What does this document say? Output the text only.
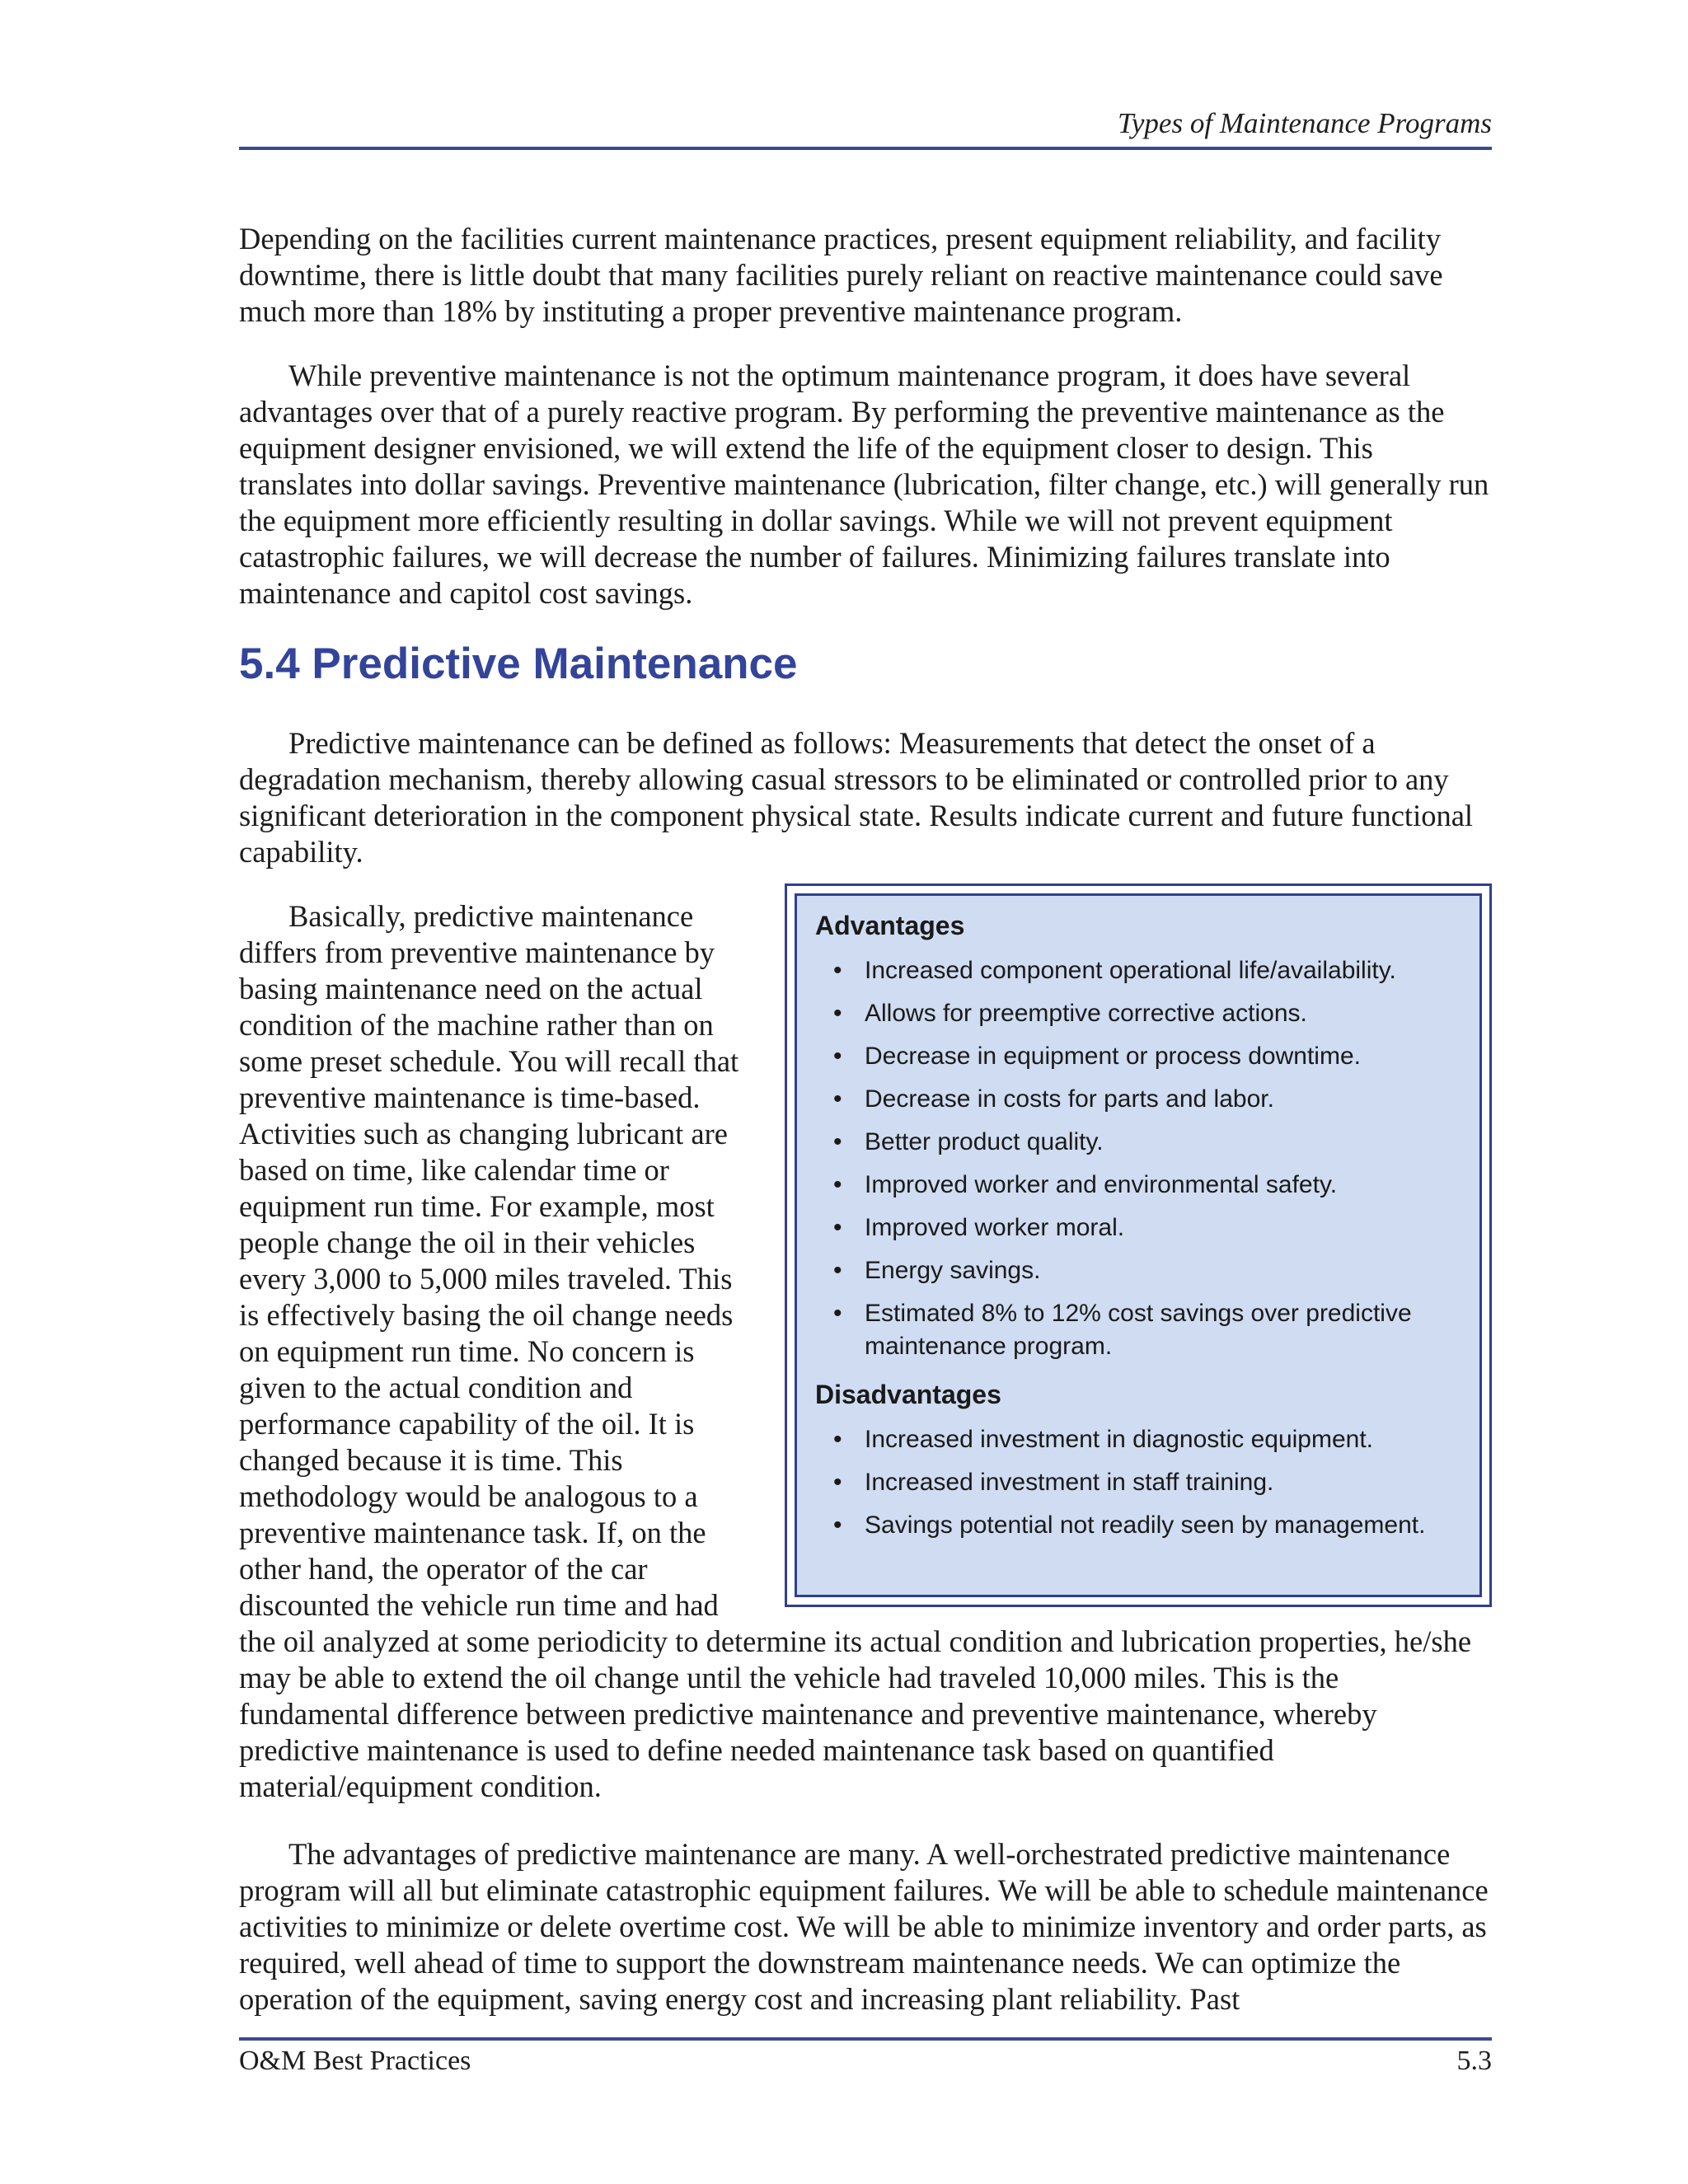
Types of Maintenance Programs

Depending on the facilities current maintenance practices, present equipment reliability, and facility downtime, there is little doubt that many facilities purely reliant on reactive maintenance could save much more than 18% by instituting a proper preventive maintenance program.

While preventive maintenance is not the optimum maintenance program, it does have several advantages over that of a purely reactive program. By performing the preventive maintenance as the equipment designer envisioned, we will extend the life of the equipment closer to design. This translates into dollar savings. Preventive maintenance (lubrication, filter change, etc.) will generally run the equipment more efficiently resulting in dollar savings. While we will not prevent equipment catastrophic failures, we will decrease the number of failures. Minimizing failures translate into maintenance and capitol cost savings.

5.4 Predictive Maintenance

Predictive maintenance can be defined as follows: Measurements that detect the onset of a degradation mechanism, thereby allowing casual stressors to be eliminated or controlled prior to any significant deterioration in the component physical state. Results indicate current and future functional capability.

Advantages
• Increased component operational life/availability.
• Allows for preemptive corrective actions.
• Decrease in equipment or process downtime.
• Decrease in costs for parts and labor.
• Better product quality.
• Improved worker and environmental safety.
• Improved worker moral.
• Energy savings.
• Estimated 8% to 12% cost savings over predictive maintenance program.
Disadvantages
• Increased investment in diagnostic equipment.
• Increased investment in staff training.
• Savings potential not readily seen by management.

Basically, predictive maintenance differs from preventive maintenance by basing maintenance need on the actual condition of the machine rather than on some preset schedule. You will recall that preventive maintenance is time-based. Activities such as changing lubricant are based on time, like calendar time or equipment run time. For example, most people change the oil in their vehicles every 3,000 to 5,000 miles traveled. This is effectively basing the oil change needs on equipment run time. No concern is given to the actual condition and performance capability of the oil. It is changed because it is time. This methodology would be analogous to a preventive maintenance task. If, on the other hand, the operator of the car discounted the vehicle run time and had the oil analyzed at some periodicity to determine its actual condition and lubrication properties, he/she may be able to extend the oil change until the vehicle had traveled 10,000 miles. This is the fundamental difference between predictive maintenance and preventive maintenance, whereby predictive maintenance is used to define needed maintenance task based on quantified material/equipment condition.

The advantages of predictive maintenance are many. A well-orchestrated predictive maintenance program will all but eliminate catastrophic equipment failures. We will be able to schedule maintenance activities to minimize or delete overtime cost. We will be able to minimize inventory and order parts, as required, well ahead of time to support the downstream maintenance needs. We can optimize the operation of the equipment, saving energy cost and increasing plant reliability. Past

O&M Best Practices	5.3
